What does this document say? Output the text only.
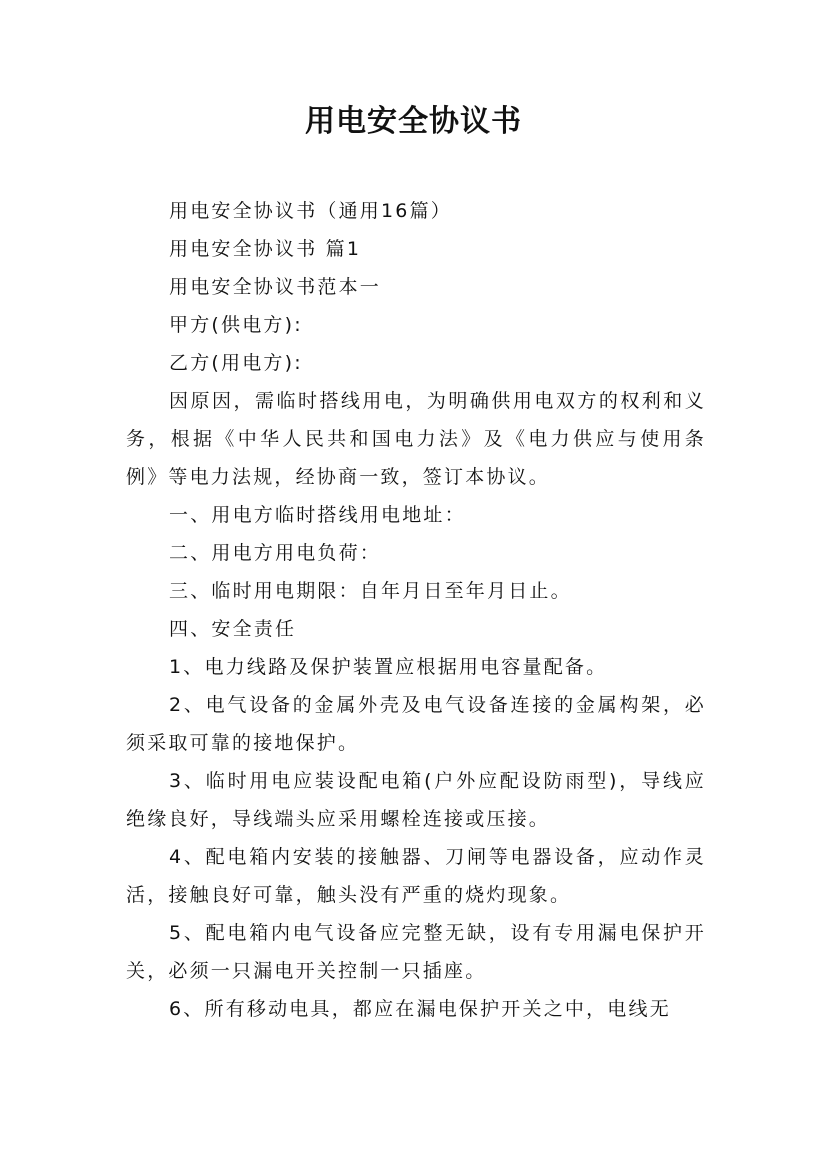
用电安全协议书

用电安全协议书（通用16篇）

用电安全协议书 篇1

用电安全协议书范本一

甲方(供电方):

乙方(用电方):

因原因，需临时搭线用电，为明确供用电双方的权利和义务，根据《中华人民共和国电力法》及《电力供应与使用条例》等电力法规，经协商一致，签订本协议。

一、用电方临时搭线用电地址：

二、用电方用电负荷：

三、临时用电期限：自年月日至年月日止。

四、安全责任

1、电力线路及保护装置应根据用电容量配备。

2、电气设备的金属外壳及电气设备连接的金属构架，必须采取可靠的接地保护。

3、临时用电应装设配电箱(户外应配设防雨型)，导线应绝缘良好，导线端头应采用螺栓连接或压接。

4、配电箱内安装的接触器、刀闸等电器设备，应动作灵活，接触良好可靠，触头没有严重的烧灼现象。

5、配电箱内电气设备应完整无缺，设有专用漏电保护开关，必须一只漏电开关控制一只插座。

6、所有移动电具，都应在漏电保护开关之中，电线无
